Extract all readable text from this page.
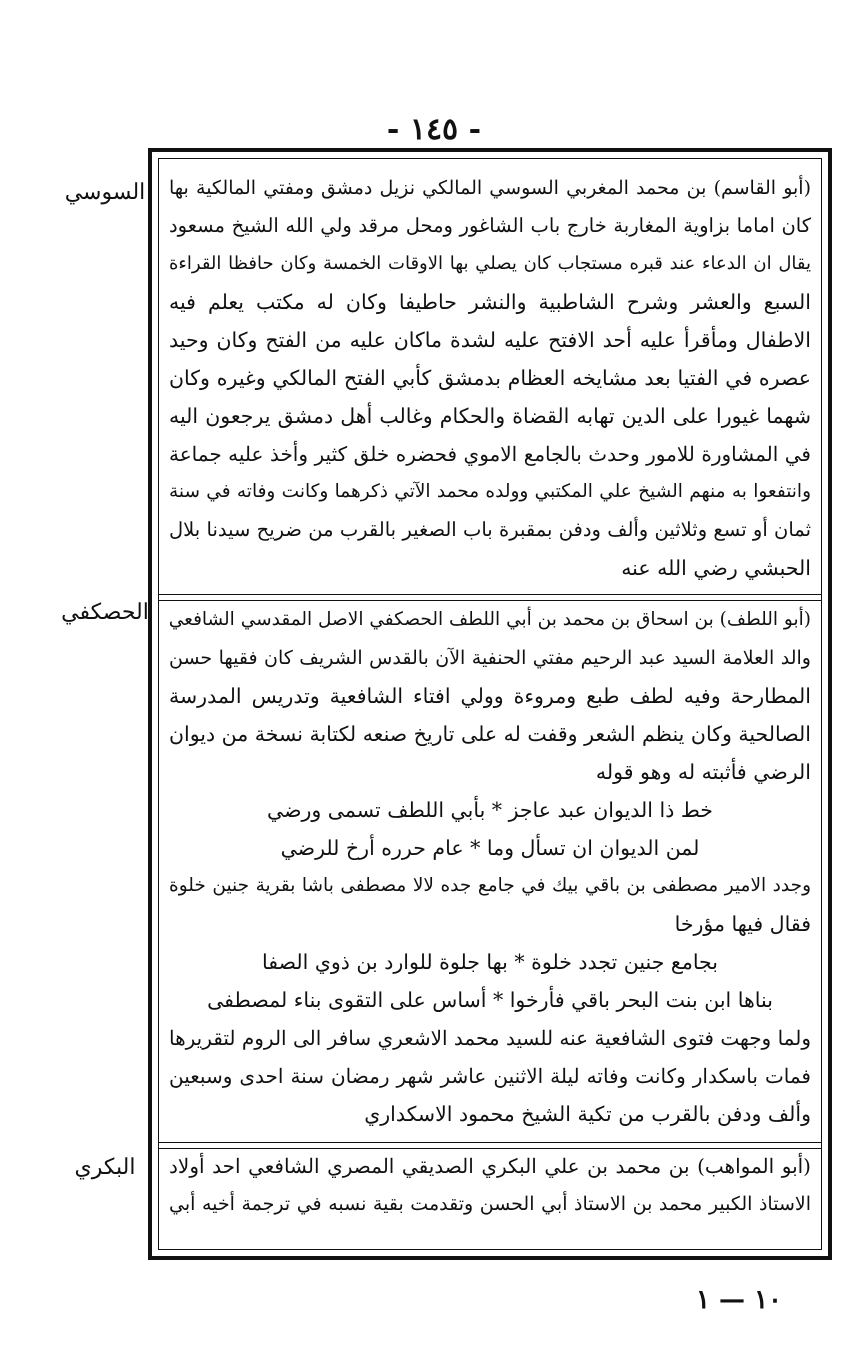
- ١٤٥ -
السوسي
الحصكفي
البكري
(أبو القاسم) بن محمد المغربي السوسي المالكي نزيل دمشق ومفتي المالكية بها
كان اماما بزاوية المغاربة خارج باب الشاغور ومحل مرقد ولي الله الشيخ مسعود
يقال ان الدعاء عند قبره مستجاب كان يصلي بها الاوقات الخمسة وكان حافظا القراءة
السبع والعشر وشرح الشاطبية والنشر حاطيفا وكان له مكتب يعلم فيه
الاطفال ومأقرأ عليه أحد الافتح عليه لشدة ماكان عليه من الفتح وكان وحيد
عصره في الفتيا بعد مشايخه العظام بدمشق كأبي الفتح المالكي وغيره وكان
شهما غيورا على الدين تهابه القضاة والحكام وغالب أهل دمشق يرجعون اليه
في المشاورة للامور وحدث بالجامع الاموي فحضره خلق كثير وأخذ عليه جماعة
وانتفعوا به منهم الشيخ علي المكتبي وولده محمد الآتي ذكرهما وكانت وفاته في سنة
ثمان أو تسع وثلاثين وألف ودفن بمقبرة باب الصغير بالقرب من ضريح سيدنا بلال
الحبشي رضي الله عنه
(أبو اللطف) بن اسحاق بن محمد بن أبي اللطف الحصكفي الاصل المقدسي الشافعي
والد العلامة السيد عبد الرحيم مفتي الحنفية الآن بالقدس الشريف كان فقيها حسن
المطارحة وفيه لطف طبع ومروءة وولي افتاء الشافعية وتدريس المدرسة
الصالحية وكان ينظم الشعر وقفت له على تاريخ صنعه لكتابة نسخة من ديوان
الرضي فأثبته له وهو قوله
خط ذا الديوان عبد عاجز * بأبي اللطف تسمى ورضي
لمن الديوان ان تسأل وما * عام حرره أرخ للرضي
وجدد الامير مصطفى بن باقي بيك في جامع جده لالا مصطفى باشا بقرية جنين خلوة
فقال فيها مؤرخا
بجامع جنين تجدد خلوة * بها جلوة للوارد بن ذوي الصفا
بناها ابن بنت البحر باقي فأرخوا * أساس على التقوى بناء لمصطفى
ولما وجهت فتوى الشافعية عنه للسيد محمد الاشعري سافر الى الروم لتقريرها
فمات باسكدار وكانت وفاته ليلة الاثنين عاشر شهر رمضان سنة احدى وسبعين
وألف ودفن بالقرب من تكية الشيخ محمود الاسكداري
(أبو المواهب) بن محمد بن علي البكري الصديقي المصري الشافعي احد أولاد
الاستاذ الكبير محمد بن الاستاذ أبي الحسن وتقدمت بقية نسبه في ترجمة أخيه أبي
١٠ — ١
